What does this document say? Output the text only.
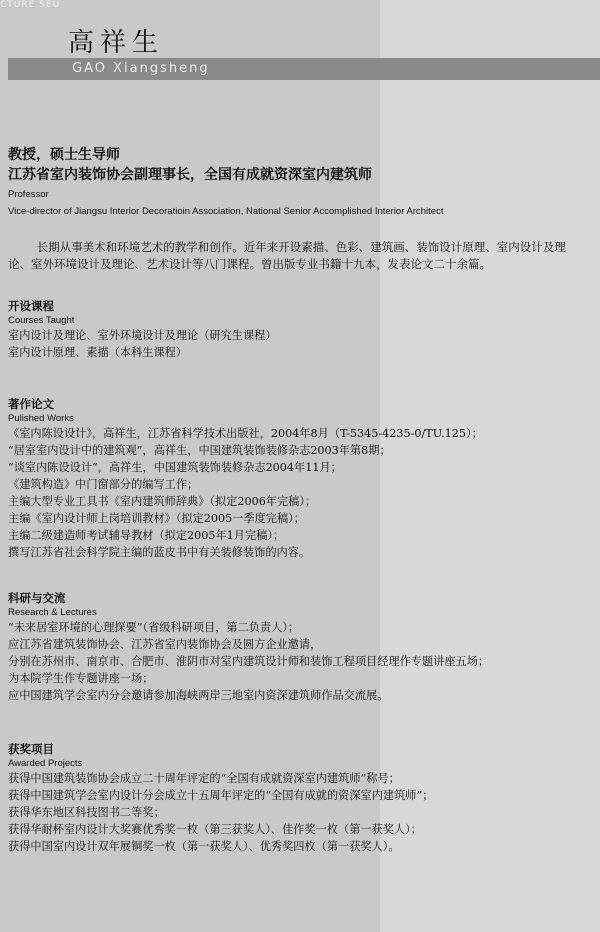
CTURE SEU
高祥生
GAO Xiangsheng
教授，硕士生导师
江苏省室内装饰协会副理事长，全国有成就资深室内建筑师
Professor
Vice-director of Jiangsu Interior Decoratioin Association, National Senior Accomplished Interior Architect
长期从事美术和环境艺术的教学和创作。近年来开设素描、色彩、建筑画、装饰设计原理、室内设计及理论、室外环境设计及理论、艺术设计等八门课程。曾出版专业书籍十九本，发表论文二十余篇。
开设课程
Courses Taught
室内设计及理论、室外环境设计及理论（研究生课程）
室内设计原理、素描（本科生课程）
著作论文
Pulished Works
《室内陈设设计》，高祥生，江苏省科学技术出版社，2004年8月（T-5345-4235-0/TU.125）；
“居室室内设计中的建筑观”，高祥生，中国建筑装饰装修杂志2003年第8期；
“谈室内陈设设计“，高祥生，中国建筑装饰装修杂志2004年11月；
《建筑构造》中门窗部分的编写工作；
主编大型专业工具书《室内建筑师辞典》（拟定2006年完稿）；
主编《室内设计师上岗培训教材》（拟定2005一季度完稿）；
主编二级建造师考试辅导教材（拟定2005年1月完稿）；
撰写江苏省社会科学院主编的蓝皮书中有关装修装饰的内容。
科研与交流
Research & Lectures
“未来居室环境的心理探要”（省级科研项目，第二负责人）；
应江苏省建筑装饰协会、江苏省室内装饰协会及圆方企业邀请，
分别在苏州市、南京市、合肥市、淮阴市对室内建筑设计师和装饰工程项目经理作专题讲座五场；
为本院学生作专题讲座一场；
应中国建筑学会室内分会邀请参加海峡两岸三地室内资深建筑师作品交流展。
获奖项目
Awarded Projects
获得中国建筑装饰协会成立二十周年评定的“全国有成就资深室内建筑师”称号；
获得中国建筑学会室内设计分会成立十五周年评定的“全国有成就的资深室内建筑师”；
获得华东地区科技图书二等奖；
获得华耐杯室内设计大奖赛优秀奖一枚（第三获奖人）、佳作奖一枚（第一获奖人）；
获得中国室内设计双年展铜奖一枚（第一获奖人）、优秀奖四枚（第一获奖人）。
